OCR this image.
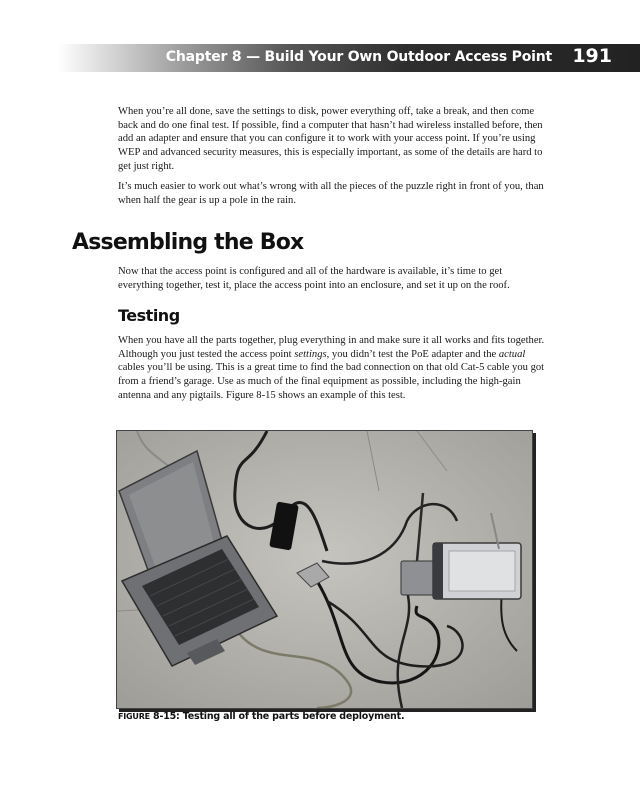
Chapter 8 — Build Your Own Outdoor Access Point 191

When you’re all done, save the settings to disk, power everything off, take a break, and then come back and do one final test. If possible, find a computer that hasn’t had wireless installed before, then add an adapter and ensure that you can configure it to work with your access point. If you’re using WEP and advanced security measures, this is especially important, as some of the details are hard to get just right.

It’s much easier to work out what’s wrong with all the pieces of the puzzle right in front of you, than when half the gear is up a pole in the rain.

Assembling the Box

Now that the access point is configured and all of the hardware is available, it’s time to get everything together, test it, place the access point into an enclosure, and set it up on the roof.

Testing

When you have all the parts together, plug everything in and make sure it all works and fits together. Although you just tested the access point settings, you didn’t test the PoE adapter and the actual cables you’ll be using. This is a great time to find the bad connection on that old Cat-5 cable you got from a friend’s garage. Use as much of the final equipment as possible, including the high-gain antenna and any pigtails. Figure 8-15 shows an example of this test.

FIGURE 8-15: Testing all of the parts before deployment.
